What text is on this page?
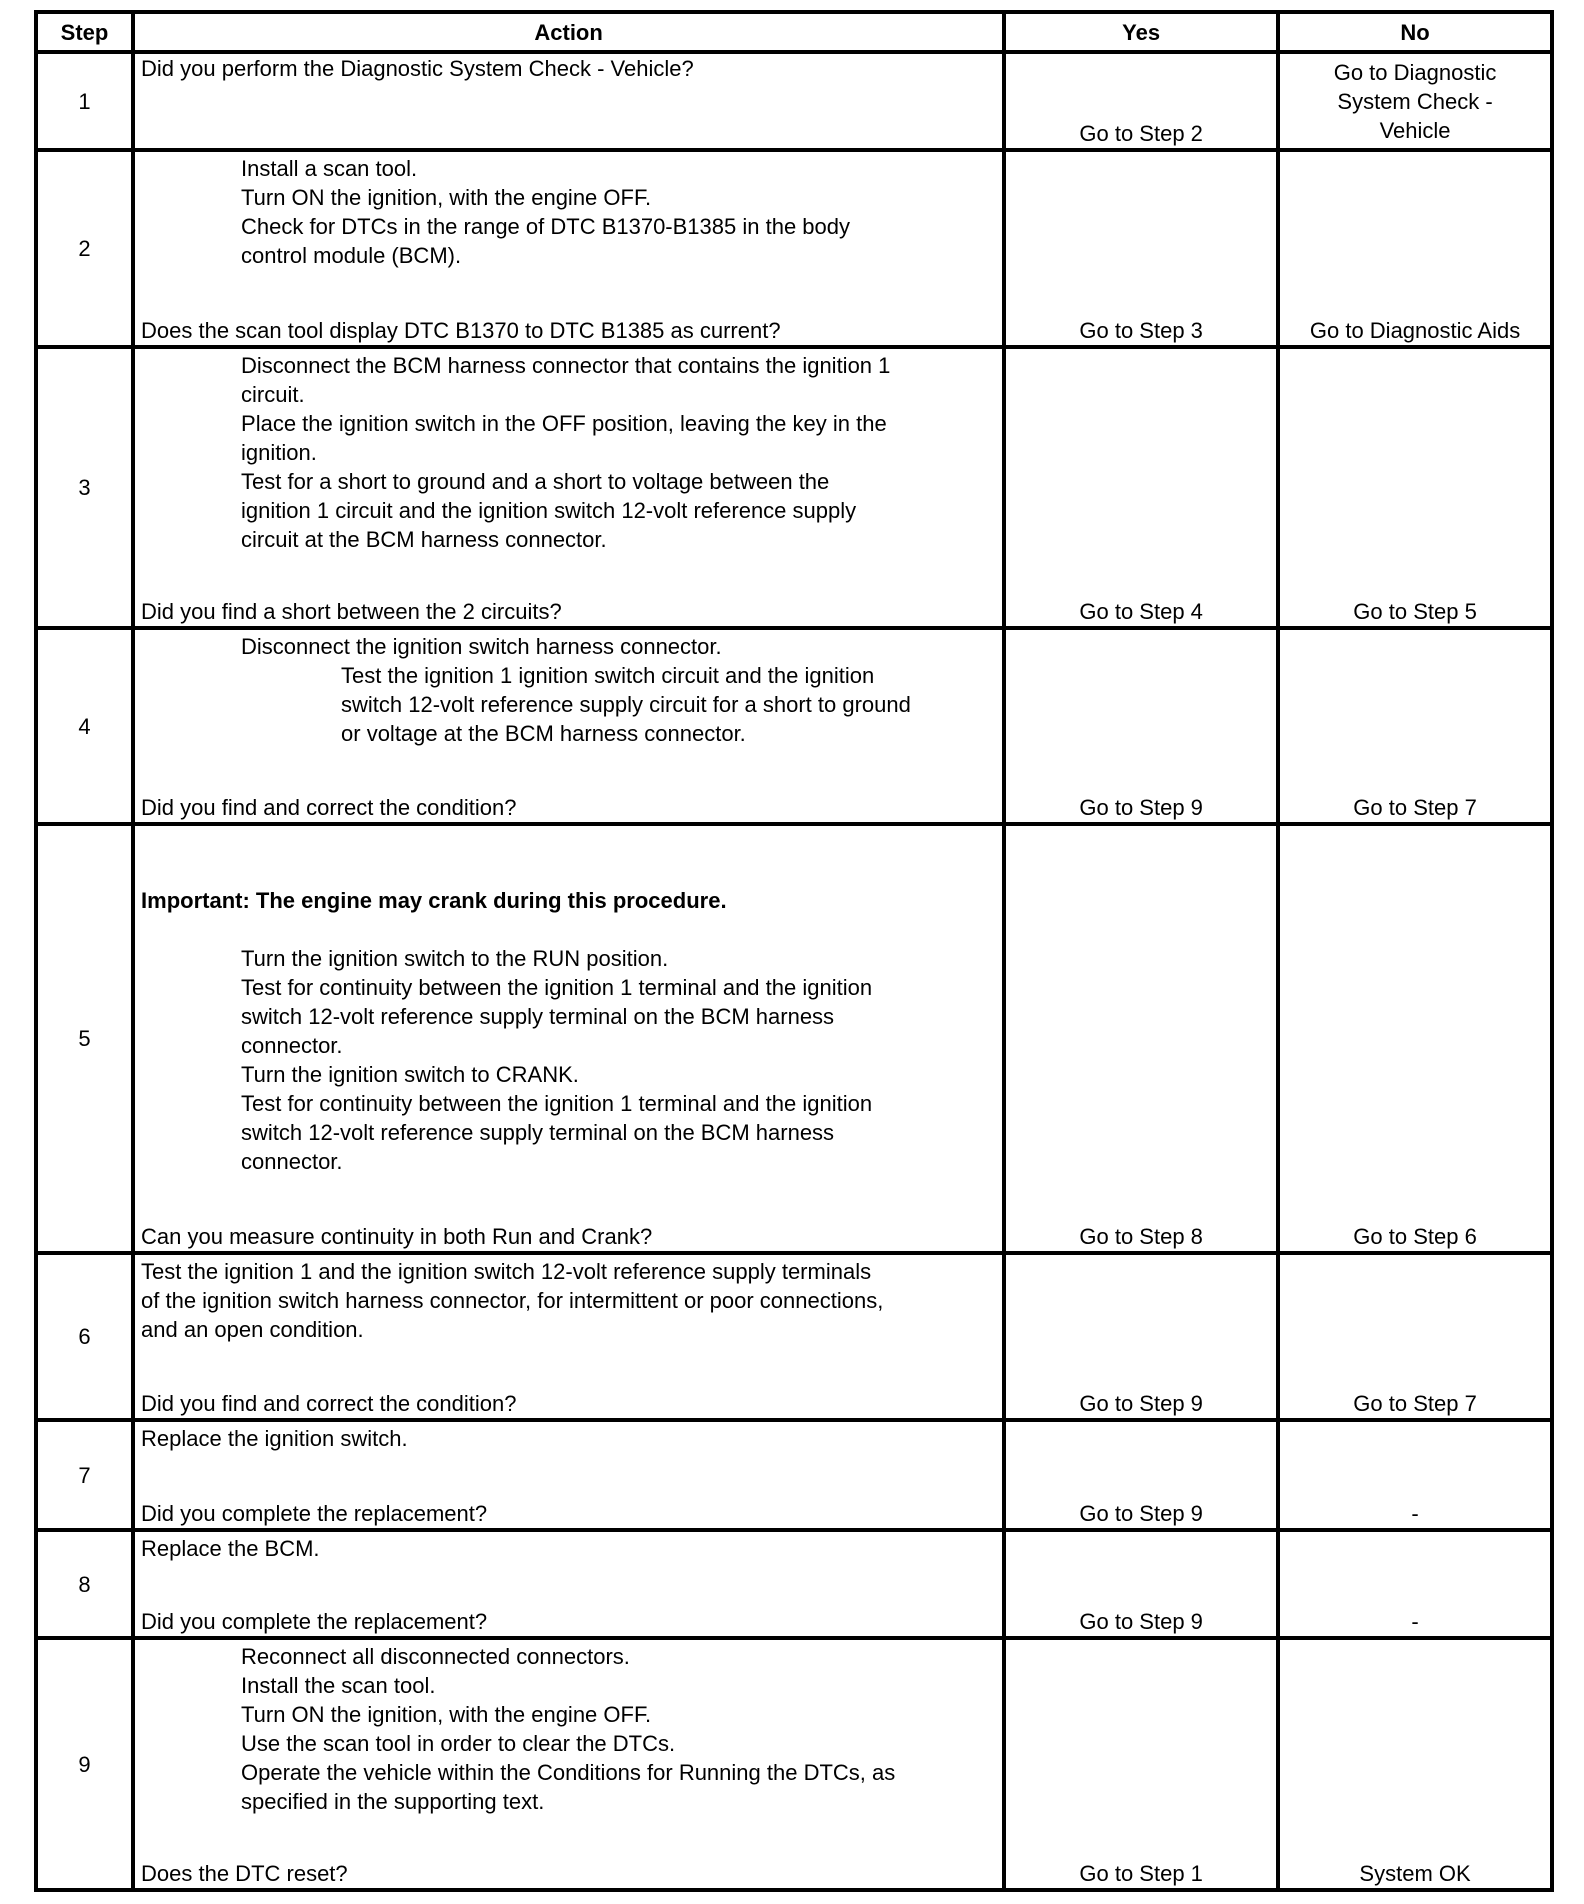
Step	Action	Yes	No
1	Did you perform the Diagnostic System Check - Vehicle?	Go to Step 2	Go to Diagnostic System Check - Vehicle

2	Install a scan tool.
Turn ON the ignition, with the engine OFF.
Check for DTCs in the range of DTC B1370-B1385 in the body
control module (BCM).
Does the scan tool display DTC B1370 to DTC B1385 as current?	Go to Step 3	Go to Diagnostic Aids

3	
Disconnect the BCM harness connector that contains the ignition 1
circuit.
Place the ignition switch in the OFF position, leaving the key in the
ignition.
Test for a short to ground and a short to voltage between the
ignition 1 circuit and the ignition switch 12-volt reference supply
circuit at the BCM harness connector.
Did you find a short between the 2 circuits?	Go to Step 4	Go to Step 5

4	Disconnect the ignition switch harness connector.
Test the ignition 1 ignition switch circuit and the ignition
switch 12-volt reference supply circuit for a short to ground
or voltage at the BCM harness connector.
Did you find and correct the condition?	Go to Step 9	Go to Step 7

5	

Important: The engine may crank during this procedure.

Turn the ignition switch to the RUN position.
Test for continuity between the ignition 1 terminal and the ignition
switch 12-volt reference supply terminal on the BCM harness
connector.
Turn the ignition switch to CRANK.
Test for continuity between the ignition 1 terminal and the ignition
switch 12-volt reference supply terminal on the BCM harness
connector.
Can you measure continuity in both Run and Crank?	Go to Step 8	Go to Step 6

6	Test the ignition 1 and the ignition switch 12-volt reference supply terminals
of the ignition switch harness connector, for intermittent or poor connections,
and an open condition.
Did you find and correct the condition?	Go to Step 9	Go to Step 7

7	Replace the ignition switch.
Did you complete the replacement?	Go to Step 9	-

8	Replace the BCM.
Did you complete the replacement?	Go to Step 9	-

9	
Reconnect all disconnected connectors.
Install the scan tool.
Turn ON the ignition, with the engine OFF.
Use the scan tool in order to clear the DTCs.
Operate the vehicle within the Conditions for Running the DTCs, as
specified in the supporting text.
Does the DTC reset?	Go to Step 1	System OK
